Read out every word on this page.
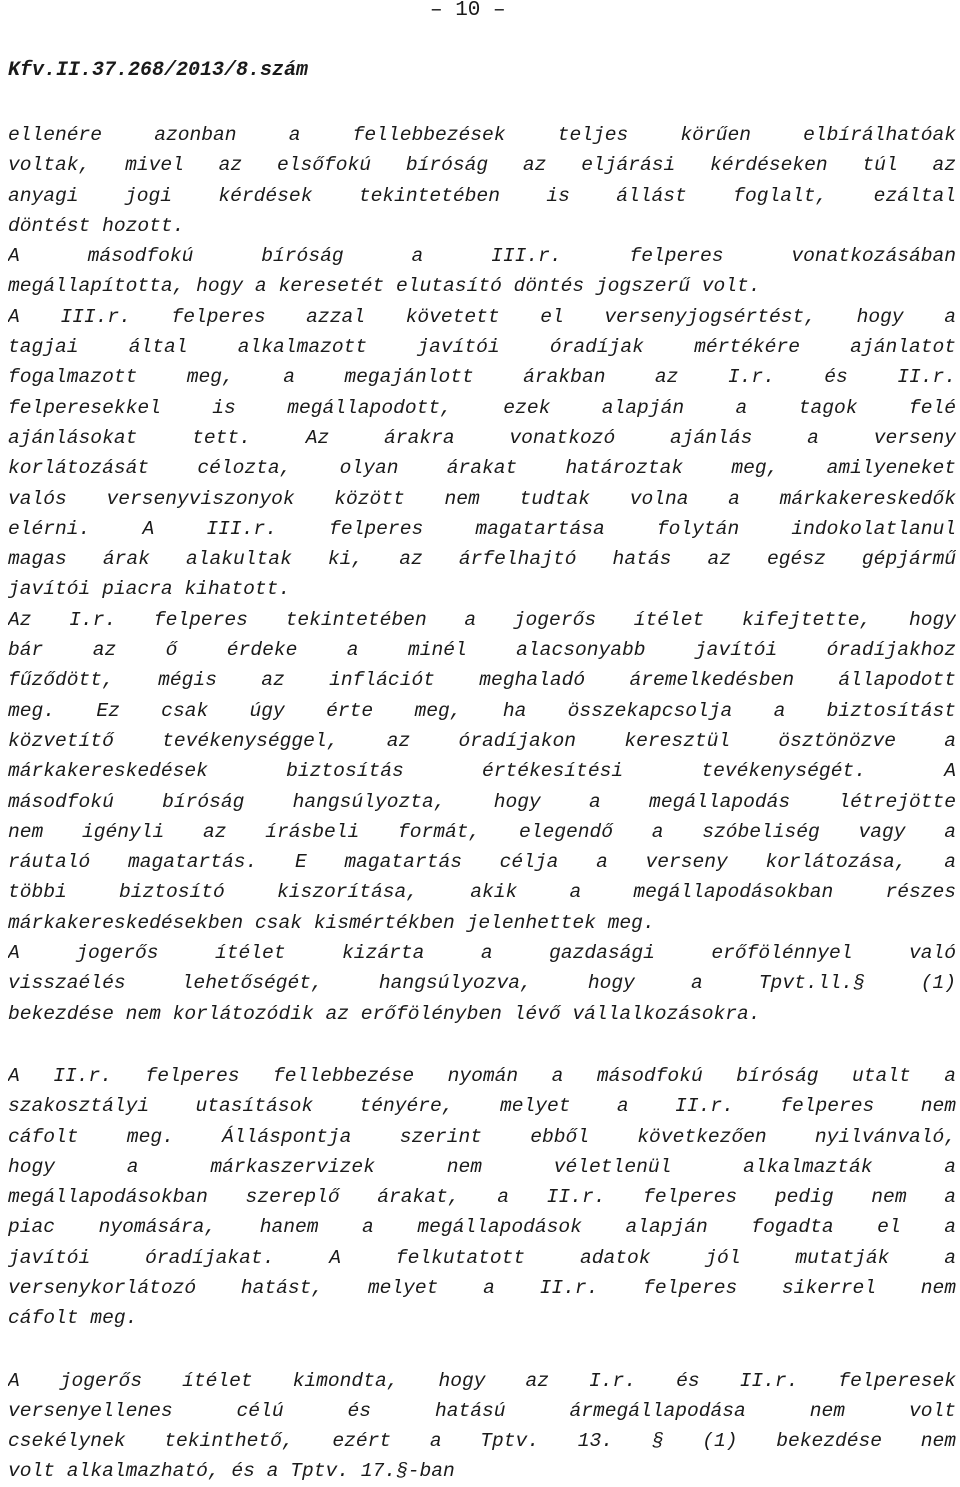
– 10 –
Kfv.II.37.268/2013/8.szám
ellenére azonban a fellebbezések teljes körűen elbírálhatóak
voltak, mivel az elsőfokú bíróság az eljárási kérdéseken túl az
anyagi jogi kérdések tekintetében is állást foglalt, ezáltal
döntést hozott.
A másodfokú bíróság a III.r. felperes vonatkozásában
megállapította, hogy a keresetét elutasító döntés jogszerű volt.
A III.r. felperes azzal követett el versenyjogsértést, hogy a
tagjai által alkalmazott javítói óradíjak mértékére ajánlatot
fogalmazott meg, a megajánlott árakban az I.r. és II.r.
felperesekkel is megállapodott, ezek alapján a tagok felé
ajánlásokat tett. Az árakra vonatkozó ajánlás a verseny
korlátozását célozta, olyan árakat határoztak meg, amilyeneket
valós versenyviszonyok között nem tudtak volna a márkakereskedők
elérni. A III.r. felperes magatartása folytán indokolatlanul
magas árak alakultak ki, az árfelhajtó hatás az egész gépjármű
javítói piacra kihatott.
Az I.r. felperes tekintetében a jogerős ítélet kifejtette, hogy
bár az ő érdeke a minél alacsonyabb javítói óradíjakhoz
fűződött, mégis az inflációt meghaladó áremelkedésben állapodott
meg. Ez csak úgy érte meg, ha összekapcsolja a biztosítást
közvetítő tevékenységgel, az óradíjakon keresztül ösztönözve a
márkakereskedések biztosítás értékesítési tevékenységét. A
másodfokú bíróság hangsúlyozta, hogy a megállapodás létrejötte
nem igényli az írásbeli formát, elegendő a szóbeliség vagy a
ráutaló magatartás. E magatartás célja a verseny korlátozása, a
többi biztosító kiszorítása, akik a megállapodásokban részes
márkakereskedésekben csak kismértékben jelenhettek meg.
A jogerős ítélet kizárta a gazdasági erőfölénnyel való
visszaélés lehetőségét, hangsúlyozva, hogy a Tpvt.ll.§ (1)
bekezdése nem korlátozódik az erőfölényben lévő vállalkozásokra.
A II.r. felperes fellebbezése nyomán a másodfokú bíróság utalt a
szakosztályi utasítások tényére, melyet a II.r. felperes nem
cáfolt meg. Álláspontja szerint ebből következően nyilvánvaló,
hogy a márkaszervizek nem véletlenül alkalmazták a
megállapodásokban szereplő árakat, a II.r. felperes pedig nem a
piac nyomására, hanem a megállapodások alapján fogadta el a
javítói óradíjakat. A felkutatott adatok jól mutatják a
versenykorlátozó hatást, melyet a II.r. felperes sikerrel nem
cáfolt meg.
A jogerős ítélet kimondta, hogy az I.r. és II.r. felperesek
versenyellenes célú és hatású ármegállapodása nem volt
csekélynek tekinthető, ezért a Tptv. 13. § (1) bekezdése nem
volt alkalmazható, és a Tptv. 17.§-ban
